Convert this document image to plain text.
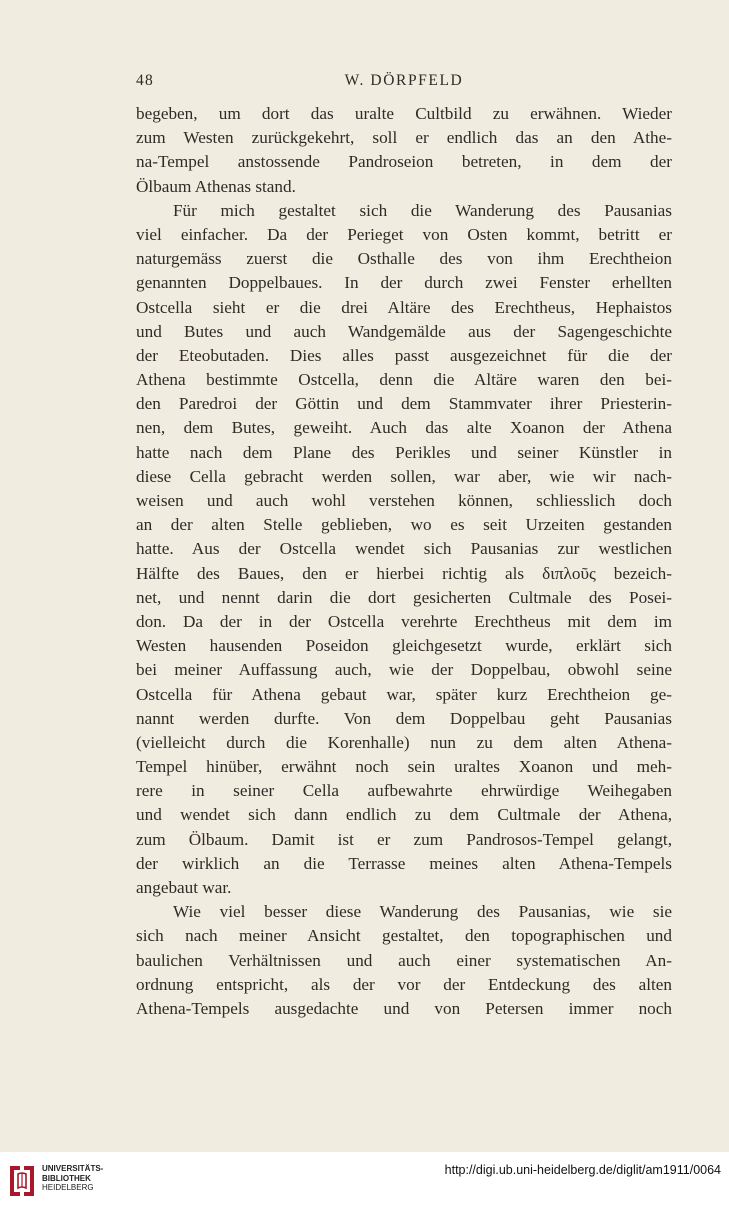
48	W. DÖRPFELD
begeben, um dort das uralte Cultbild zu erwähnen. Wieder
zum Westen zurückgekehrt, soll er endlich das an den Athe-
na-Tempel anstossende Pandroseion betreten, in dem der
Ölbaum Athenas stand.
Für mich gestaltet sich die Wanderung des Pausanias
viel einfacher. Da der Perieget von Osten kommt, betritt er
naturgemäss zuerst die Osthalle des von ihm Erechtheion
genannten Doppelbaues. In der durch zwei Fenster erhellten
Ostcella sieht er die drei Altäre des Erechtheus, Hephaistos
und Butes und auch Wandgemälde aus der Sagengeschichte
der Eteobutaden. Dies alles passt ausgezeichnet für die der
Athena bestimmte Ostcella, denn die Altäre waren den bei-
den Paredroi der Göttin und dem Stammvater ihrer Priesterin-
nen, dem Butes, geweiht. Auch das alte Xoanon der Athena
hatte nach dem Plane des Perikles und seiner Künstler in
diese Cella gebracht werden sollen, war aber, wie wir nach-
weisen und auch wohl verstehen können, schliesslich doch
an der alten Stelle geblieben, wo es seit Urzeiten gestanden
hatte. Aus der Ostcella wendet sich Pausanias zur westlichen
Hälfte des Baues, den er hierbei richtig als διπλοῦς bezeich-
net, und nennt darin die dort gesicherten Cultmale des Posei-
don. Da der in der Ostcella verehrte Erechtheus mit dem im
Westen hausenden Poseidon gleichgesetzt wurde, erklärt sich
bei meiner Auffassung auch, wie der Doppelbau, obwohl seine
Ostcella für Athena gebaut war, später kurz Erechtheion ge-
nannt werden durfte. Von dem Doppelbau geht Pausanias
(vielleicht durch die Korenhalle) nun zu dem alten Athena-
Tempel hinüber, erwähnt noch sein uraltes Xoanon und meh-
rere in seiner Cella aufbewahrte ehrwürdige Weihegaben
und wendet sich dann endlich zu dem Cultmale der Athena,
zum Ölbaum. Damit ist er zum Pandrosos-Tempel gelangt,
der wirklich an die Terrasse meines alten Athena-Tempels
angebaut war.
Wie viel besser diese Wanderung des Pausanias, wie sie
sich nach meiner Ansicht gestaltet, den topographischen und
baulichen Verhältnissen und auch einer systematischen An-
ordnung entspricht, als der vor der Entdeckung des alten
Athena-Tempels ausgedachte und von Petersen immer noch
UNIVERSITÄTS-
BIBLIOTHEK
HEIDELBERG
http://digi.ub.uni-heidelberg.de/diglit/am1911/0064
